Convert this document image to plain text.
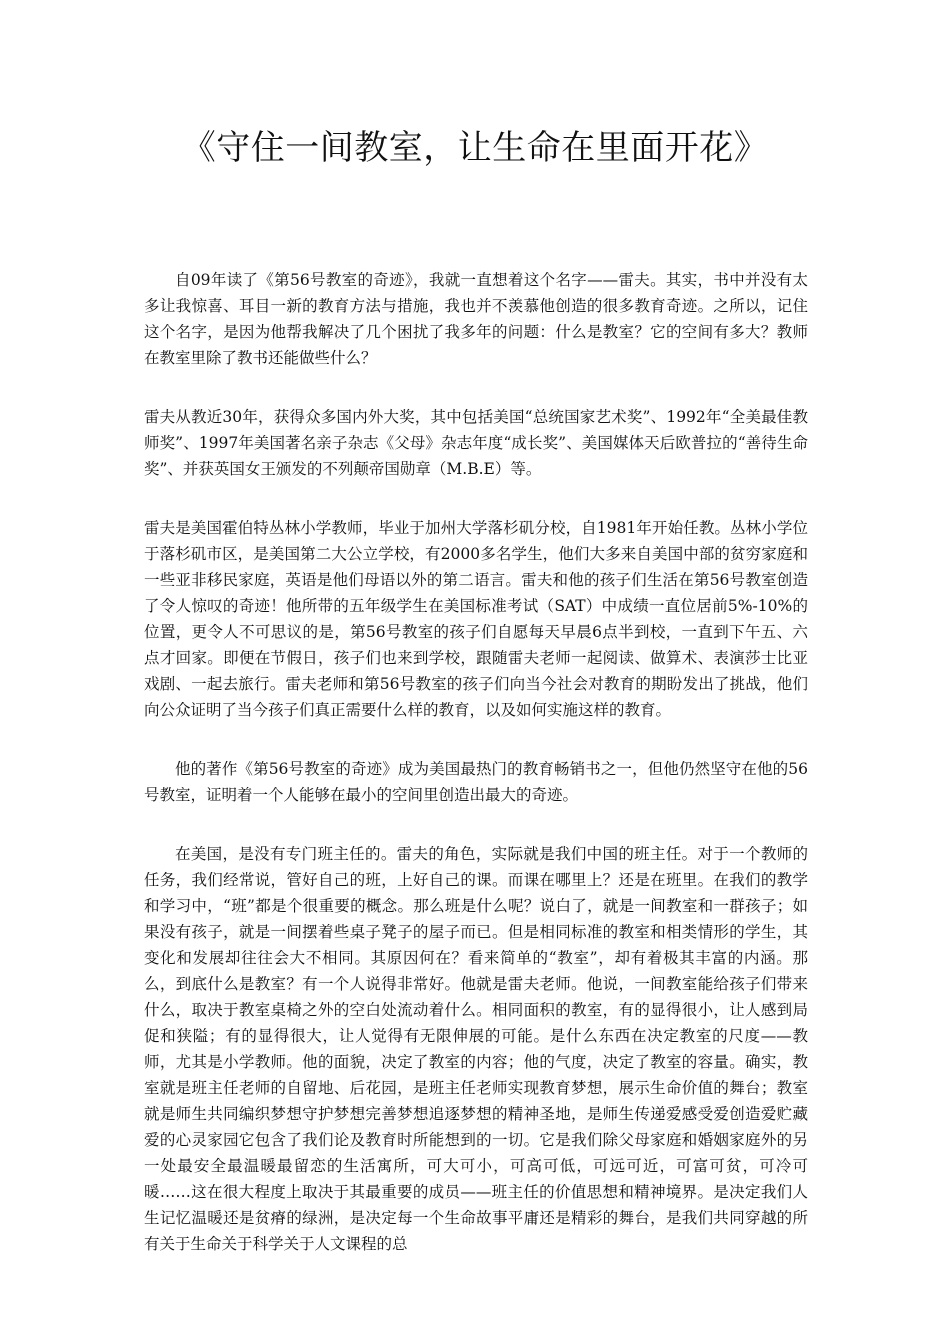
《守住一间教室，让生命在里面开花》

自09年读了《第56号教室的奇迹》，我就一直想着这个名字——雷夫。其实，书中并没有太多让我惊喜、耳目一新的教育方法与措施，我也并不羡慕他创造的很多教育奇迹。之所以，记住这个名字，是因为他帮我解决了几个困扰了我多年的问题：什么是教室？它的空间有多大？教师在教室里除了教书还能做些什么？

雷夫从教近30年，获得众多国内外大奖，其中包括美国“总统国家艺术奖”、1992年“全美最佳教师奖”、1997年美国著名亲子杂志《父母》杂志年度“成长奖”、美国媒体天后欧普拉的“善待生命奖”、并获英国女王颁发的不列颠帝国勋章（M.B.E）等。

雷夫是美国霍伯特丛林小学教师，毕业于加州大学落杉矶分校，自1981年开始任教。丛林小学位于落杉矶市区，是美国第二大公立学校，有2000多名学生，他们大多来自美国中部的贫穷家庭和一些亚非移民家庭，英语是他们母语以外的第二语言。雷夫和他的孩子们生活在第56号教室创造了令人惊叹的奇迹！他所带的五年级学生在美国标准考试（SAT）中成绩一直位居前5%-10%的位置，更令人不可思议的是，第56号教室的孩子们自愿每天早晨6点半到校，一直到下午五、六点才回家。即便在节假日，孩子们也来到学校，跟随雷夫老师一起阅读、做算术、表演莎士比亚戏剧、一起去旅行。雷夫老师和第56号教室的孩子们向当今社会对教育的期盼发出了挑战，他们向公众证明了当今孩子们真正需要什么样的教育，以及如何实施这样的教育。

他的著作《第56号教室的奇迹》成为美国最热门的教育畅销书之一，但他仍然坚守在他的56号教室，证明着一个人能够在最小的空间里创造出最大的奇迹。

在美国，是没有专门班主任的。雷夫的角色，实际就是我们中国的班主任。对于一个教师的任务，我们经常说，管好自己的班，上好自己的课。而课在哪里上？还是在班里。在我们的教学和学习中，“班”都是个很重要的概念。那么班是什么呢？说白了，就是一间教室和一群孩子；如果没有孩子，就是一间摆着些桌子凳子的屋子而已。但是相同标准的教室和相类情形的学生，其变化和发展却往往会大不相同。其原因何在？看来简单的“教室”，却有着极其丰富的内涵。那么，到底什么是教室？有一个人说得非常好。他就是雷夫老师。他说，一间教室能给孩子们带来什么，取决于教室桌椅之外的空白处流动着什么。相同面积的教室，有的显得很小，让人感到局促和狭隘；有的显得很大，让人觉得有无限伸展的可能。是什么东西在决定教室的尺度——教师，尤其是小学教师。他的面貌，决定了教室的内容；他的气度，决定了教室的容量。确实，教室就是班主任老师的自留地、后花园，是班主任老师实现教育梦想，展示生命价值的舞台；教室就是师生共同编织梦想守护梦想完善梦想追逐梦想的精神圣地，是师生传递爱感受爱创造爱贮藏爱的心灵家园它包含了我们论及教育时所能想到的一切。它是我们除父母家庭和婚姻家庭外的另一处最安全最温暖最留恋的生活寓所，可大可小，可高可低，可远可近，可富可贫，可冷可暖……这在很大程度上取决于其最重要的成员——班主任的价值思想和精神境界。是决定我们人生记忆温暖还是贫瘠的绿洲，是决定每一个生命故事平庸还是精彩的舞台，是我们共同穿越的所有关于生命关于科学关于人文课程的总
